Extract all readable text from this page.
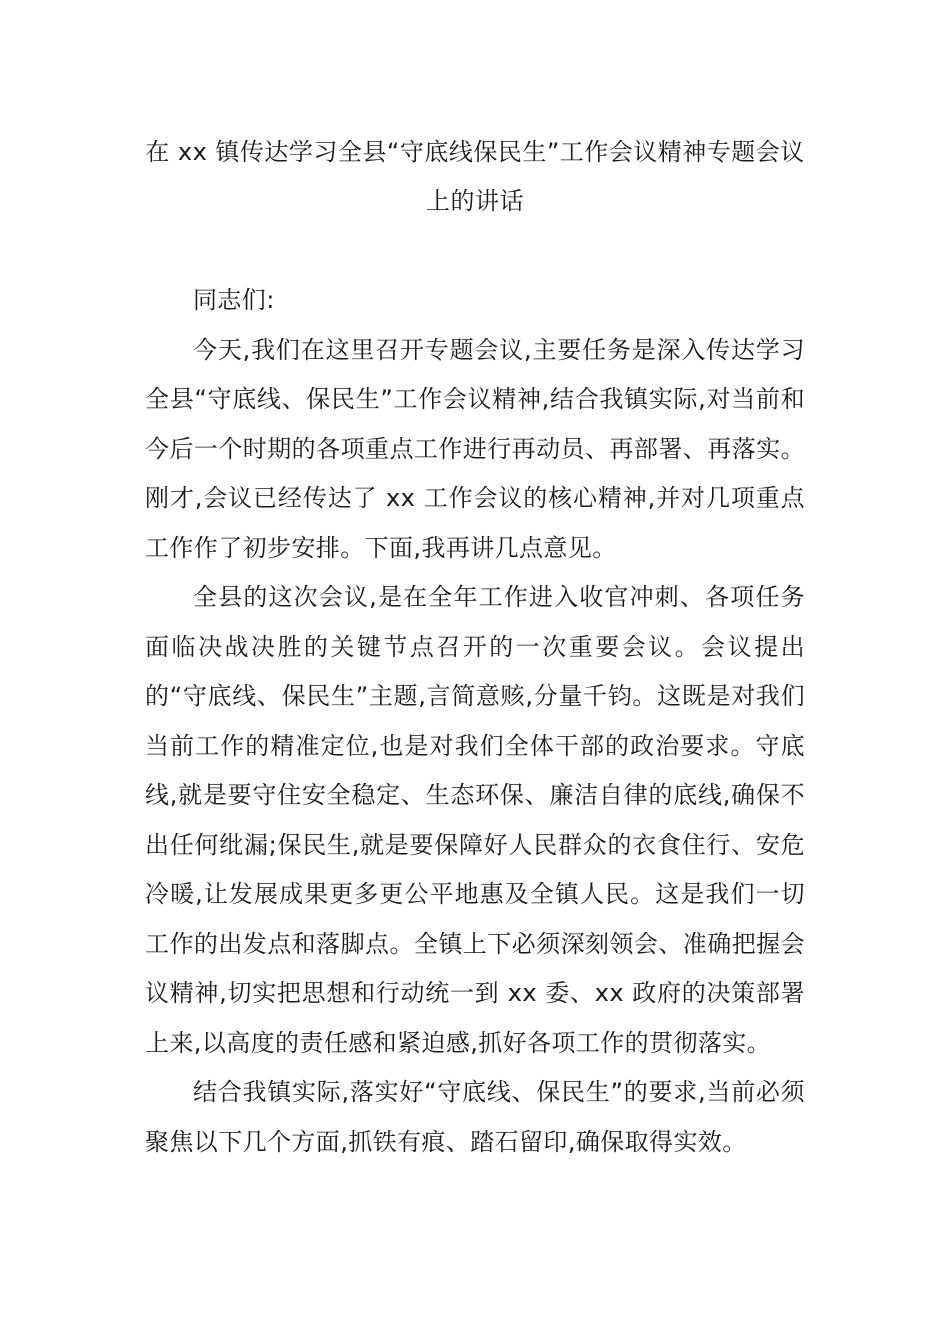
在 xx 镇传达学习全县“守底线保民生”工作会议精神专题会议
上的讲话

同志们:

今天,我们在这里召开专题会议,主要任务是深入传达学习全县“守底线、保民生”工作会议精神,结合我镇实际,对当前和今后一个时期的各项重点工作进行再动员、再部署、再落实。刚才,会议已经传达了 xx 工作会议的核心精神,并对几项重点工作作了初步安排。下面,我再讲几点意见。

全县的这次会议,是在全年工作进入收官冲刺、各项任务面临决战决胜的关键节点召开的一次重要会议。会议提出的“守底线、保民生”主题,言简意赅,分量千钧。这既是对我们当前工作的精准定位,也是对我们全体干部的政治要求。守底线,就是要守住安全稳定、生态环保、廉洁自律的底线,确保不出任何纰漏;保民生,就是要保障好人民群众的衣食住行、安危冷暖,让发展成果更多更公平地惠及全镇人民。这是我们一切工作的出发点和落脚点。全镇上下必须深刻领会、准确把握会议精神,切实把思想和行动统一到 xx 委、xx 政府的决策部署上来,以高度的责任感和紧迫感,抓好各项工作的贯彻落实。

结合我镇实际,落实好“守底线、保民生”的要求,当前必须聚焦以下几个方面,抓铁有痕、踏石留印,确保取得实效。
